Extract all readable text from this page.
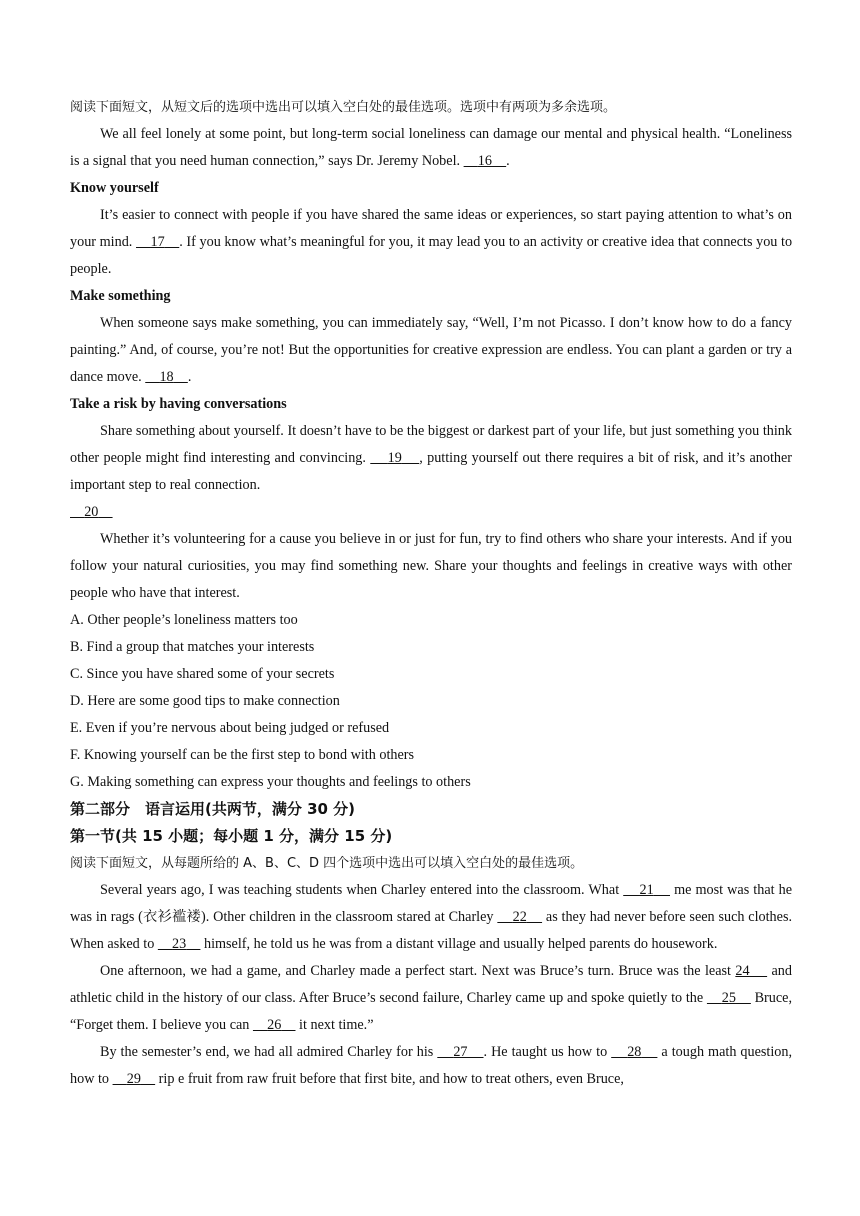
阅读下面短文，从短文后的选项中选出可以填入空白处的最佳选项。选项中有两项为多余选项。

We all feel lonely at some point, but long-term social loneliness can damage our mental and physical health. “Loneliness is a signal that you need human connection,” says Dr. Jeremy Nobel. 16 .

Know yourself

It’s easier to connect with people if you have shared the same ideas or experiences, so start paying attention to what’s on your mind. 17 . If you know what’s meaningful for you, it may lead you to an activity or creative idea that connects you to people.

Make something

When someone says make something, you can immediately say, “Well, I’m not Picasso. I don’t know how to do a fancy painting.” And, of course, you’re not! But the opportunities for creative expression are endless. You can plant a garden or try a dance move. 18 .

Take a risk by having conversations

Share something about yourself. It doesn’t have to be the biggest or darkest part of your life, but just something you think other people might find interesting and convincing. 19 , putting yourself out there requires a bit of risk, and it’s another important step to real connection.

20

Whether it’s volunteering for a cause you believe in or just for fun, try to find others who share your interests. And if you follow your natural curiosities, you may find something new. Share your thoughts and feelings in creative ways with other people who have that interest.

A. Other people’s loneliness matters too

B. Find a group that matches your interests

C. Since you have shared some of your secrets

D. Here are some good tips to make connection

E. Even if you’re nervous about being judged or refused

F. Knowing yourself can be the first step to bond with others

G. Making something can express your thoughts and feelings to others

第二部分　语言运用(共两节，满分 30 分)

第一节(共 15 小题；每小题 1 分，满分 15 分)

阅读下面短文，从每题所给的 A、B、C、D 四个选项中选出可以填入空白处的最佳选项。

Several years ago, I was teaching students when Charley entered into the classroom. What 21 me most was that he was in rags (衣衫褴褛). Other children in the classroom stared at Charley 22 as they had never before seen such clothes. When asked to 23 himself, he told us he was from a distant village and usually helped parents do housework.

One afternoon, we had a game, and Charley made a perfect start. Next was Bruce’s turn. Bruce was the least 24 and athletic child in the history of our class. After Bruce’s second failure, Charley came up and spoke quietly to the 25 Bruce, “Forget them. I believe you can 26 it next time.”

By the semester’s end, we had all admired Charley for his 27 . He taught us how to 28 a tough math question, how to 29 rip e fruit from raw fruit before that first bite, and how to treat others, even Bruce,
